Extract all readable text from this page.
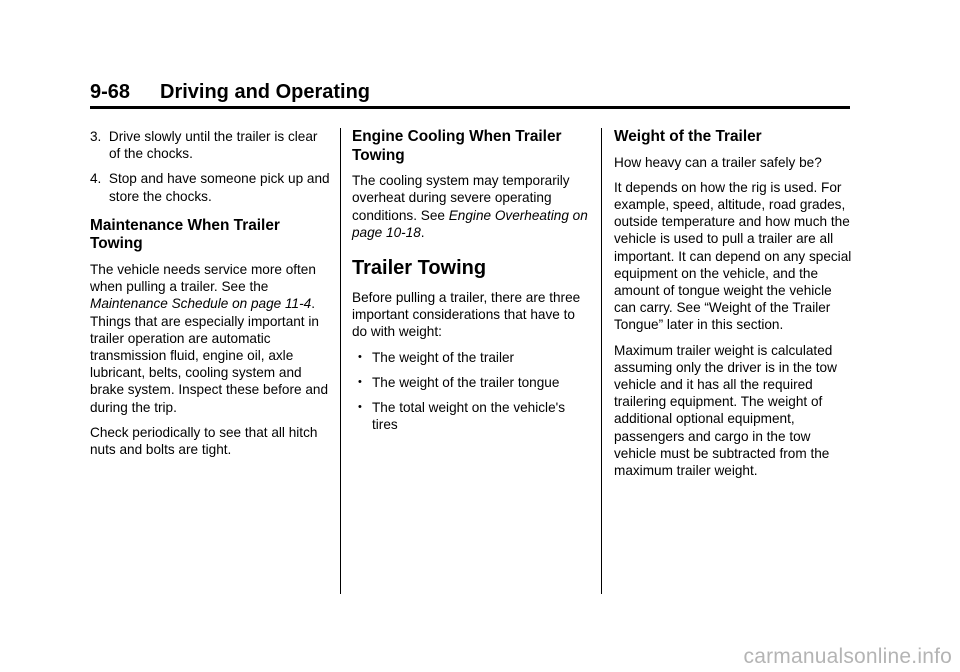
9-68 Driving and Operating
3. Drive slowly until the trailer is clear of the chocks.
4. Stop and have someone pick up and store the chocks.
Maintenance When Trailer Towing

The vehicle needs service more often when pulling a trailer. See the Maintenance Schedule on page 11-4. Things that are especially important in trailer operation are automatic transmission fluid, engine oil, axle lubricant, belts, cooling system and brake system. Inspect these before and during the trip.

Check periodically to see that all hitch nuts and bolts are tight.

Engine Cooling When Trailer Towing

The cooling system may temporarily overheat during severe operating conditions. See Engine Overheating on page 10-18.

Trailer Towing

Before pulling a trailer, there are three important considerations that have to do with weight:

• The weight of the trailer
• The weight of the trailer tongue
• The total weight on the vehicle's tires
Weight of the Trailer

How heavy can a trailer safely be?

It depends on how the rig is used. For example, speed, altitude, road grades, outside temperature and how much the vehicle is used to pull a trailer are all important. It can depend on any special equipment on the vehicle, and the amount of tongue weight the vehicle can carry. See “Weight of the Trailer Tongue” later in this section.

Maximum trailer weight is calculated assuming only the driver is in the tow vehicle and it has all the required trailering equipment. The weight of additional optional equipment, passengers and cargo in the tow vehicle must be subtracted from the maximum trailer weight.

carmanualsonline.info
